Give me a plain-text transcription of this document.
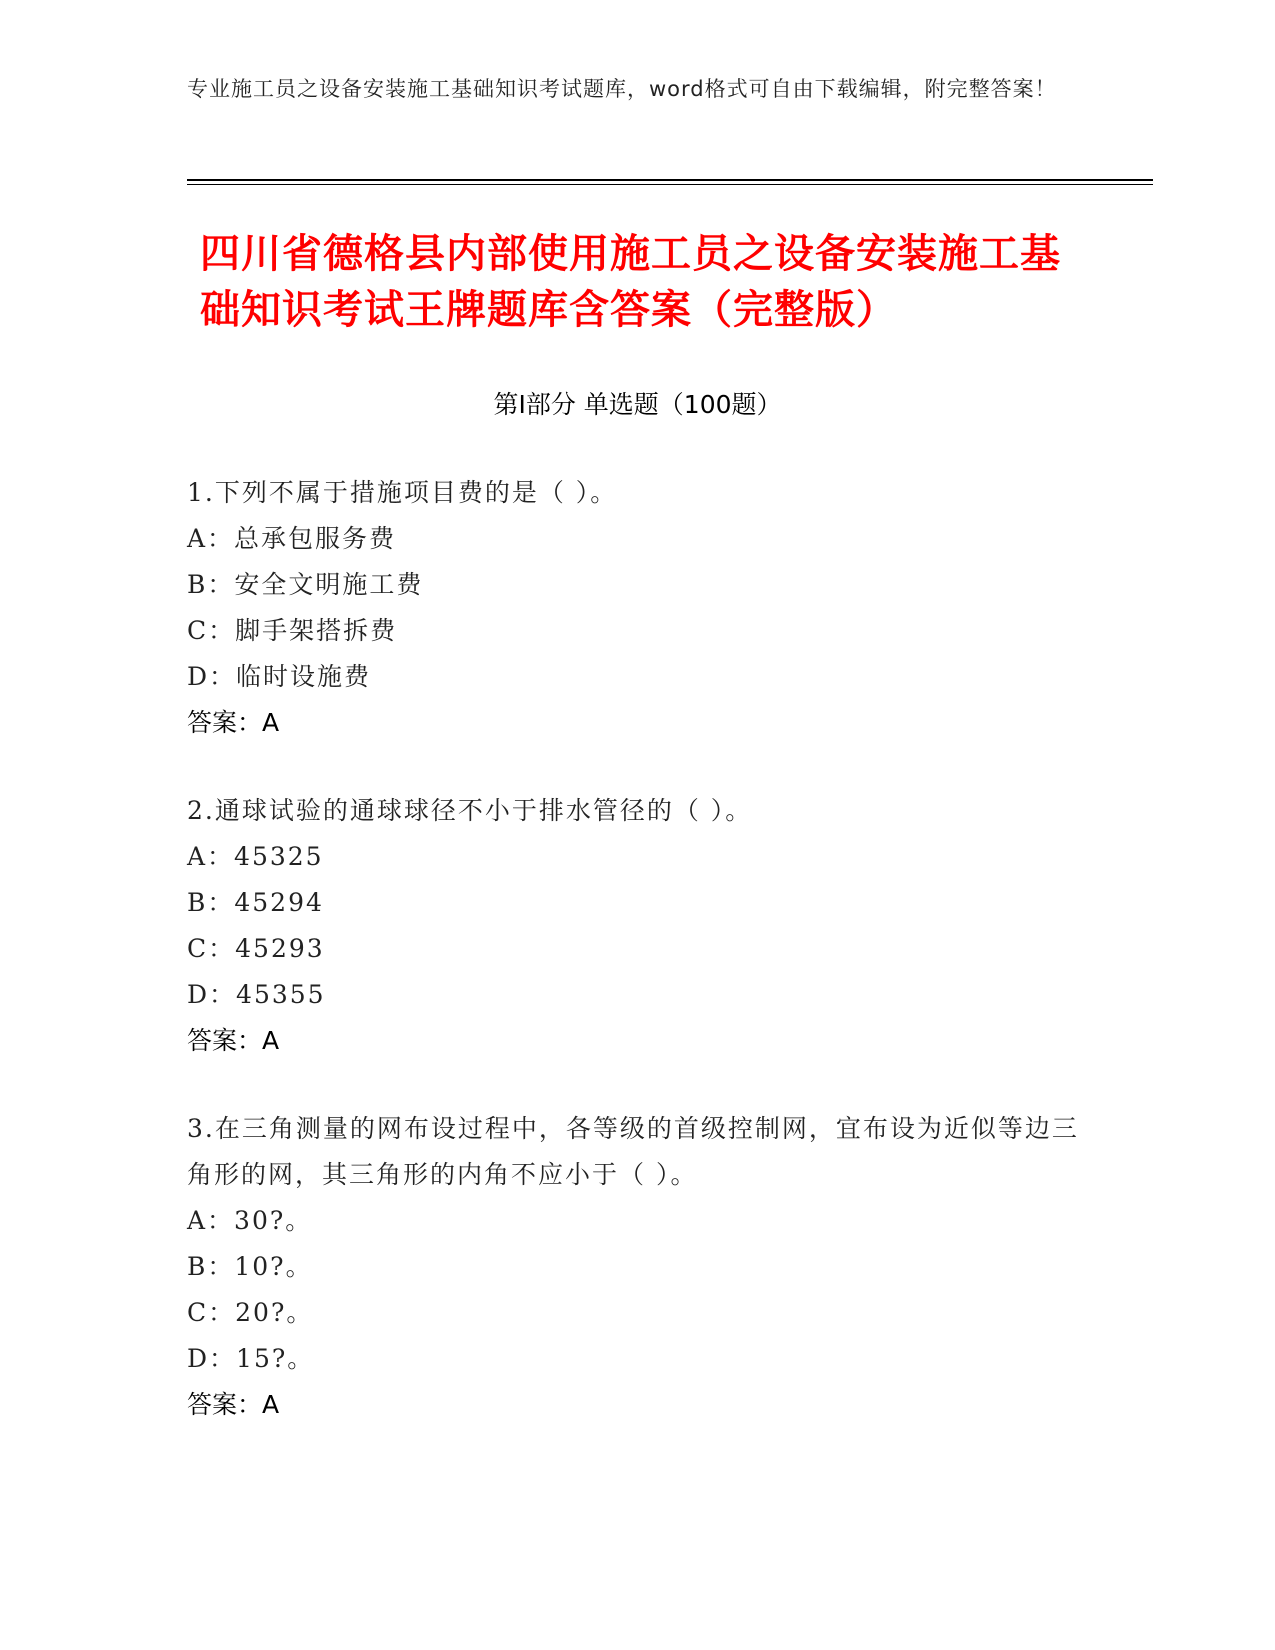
专业施工员之设备安装施工基础知识考试题库，word格式可自由下载编辑，附完整答案！
四川省德格县内部使用施工员之设备安装施工基础知识考试王牌题库含答案（完整版）
第Ⅰ部分 单选题（100题）

1.下列不属于措施项目费的是（ ）。

A：总承包服务费

B：安全文明施工费

C：脚手架搭拆费

D：临时设施费

答案：A

2.通球试验的通球球径不小于排水管径的（ ）。

A：45325

B：45294

C：45293

D：45355

答案：A

3.在三角测量的网布设过程中，各等级的首级控制网，宜布设为近似等边三角形的网，其三角形的内角不应小于（ ）。

A：30?。

B：10?。

C：20?。

D：15?。

答案：A
